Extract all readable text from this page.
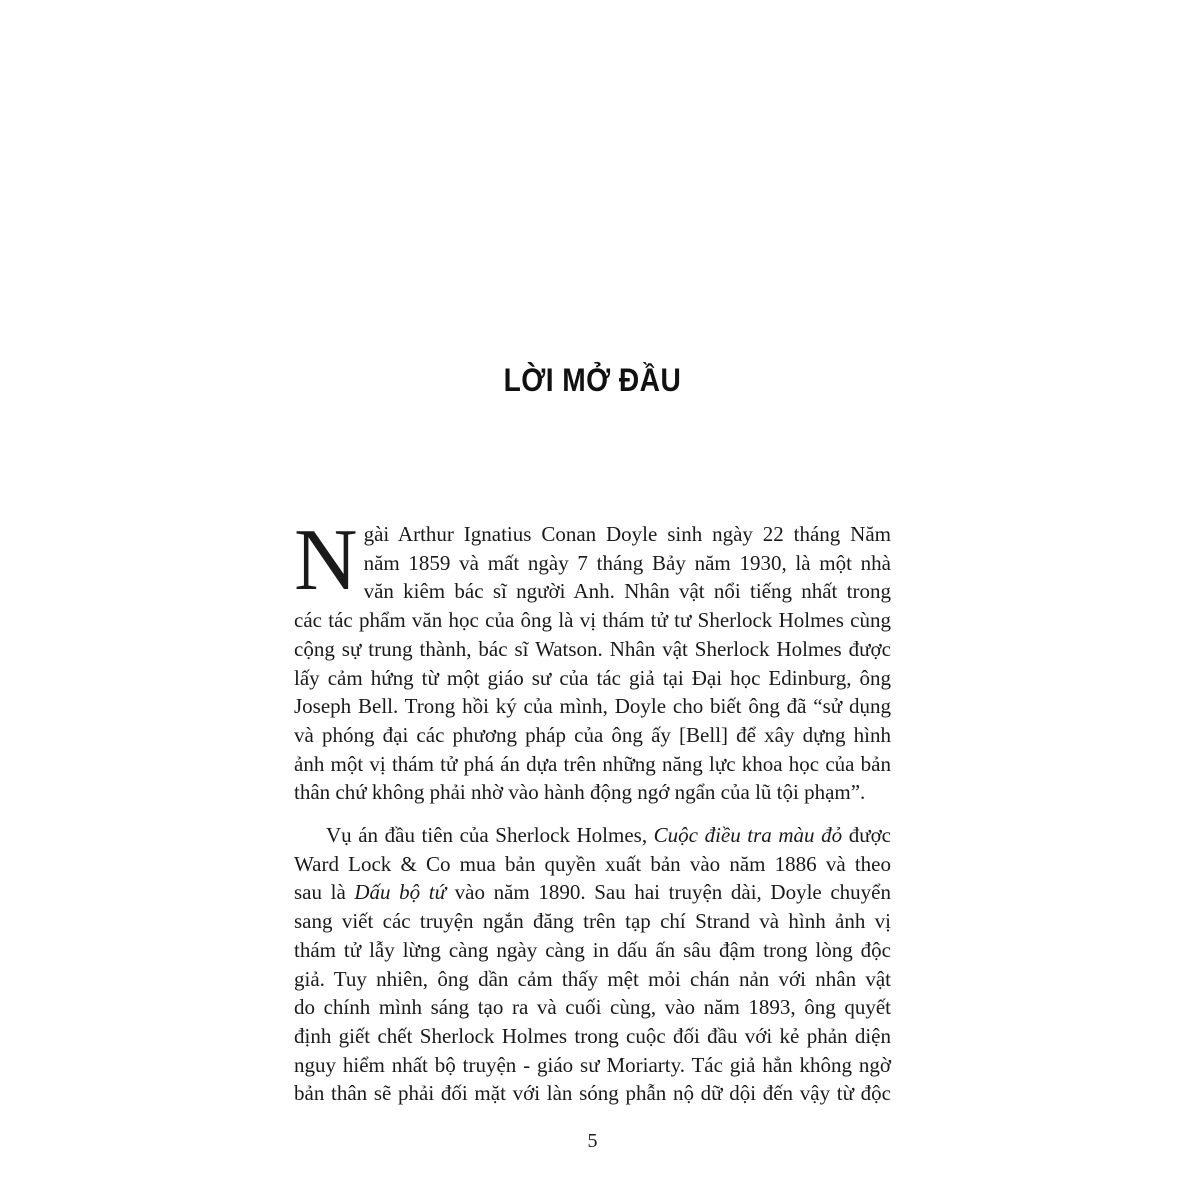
LỜI MỞ ĐẦU

N gài Arthur Ignatius Conan Doyle sinh ngày 22 tháng Năm
năm 1859 và mất ngày 7 tháng Bảy năm 1930, là một nhà
văn kiêm bác sĩ người Anh. Nhân vật nổi tiếng nhất trong
các tác phẩm văn học của ông là vị thám tử tư Sherlock Holmes cùng
cộng sự trung thành, bác sĩ Watson. Nhân vật Sherlock Holmes được
lấy cảm hứng từ một giáo sư của tác giả tại Đại học Edinburg, ông
Joseph Bell. Trong hồi ký của mình, Doyle cho biết ông đã “sử dụng
và phóng đại các phương pháp của ông ấy [Bell] để xây dựng hình
ảnh một vị thám tử phá án dựa trên những năng lực khoa học của bản
thân chứ không phải nhờ vào hành động ngớ ngẩn của lũ tội phạm”.

Vụ án đầu tiên của Sherlock Holmes, Cuộc điều tra màu đỏ được
Ward Lock & Co mua bản quyền xuất bản vào năm 1886 và theo
sau là Dấu bộ tứ vào năm 1890. Sau hai truyện dài, Doyle chuyển
sang viết các truyện ngắn đăng trên tạp chí Strand và hình ảnh vị
thám tử lẫy lừng càng ngày càng in dấu ấn sâu đậm trong lòng độc
giả. Tuy nhiên, ông dần cảm thấy mệt mỏi chán nản với nhân vật
do chính mình sáng tạo ra và cuối cùng, vào năm 1893, ông quyết
định giết chết Sherlock Holmes trong cuộc đối đầu với kẻ phản diện
nguy hiểm nhất bộ truyện - giáo sư Moriarty. Tác giả hẳn không ngờ
bản thân sẽ phải đối mặt với làn sóng phẫn nộ dữ dội đến vậy từ độc

5
